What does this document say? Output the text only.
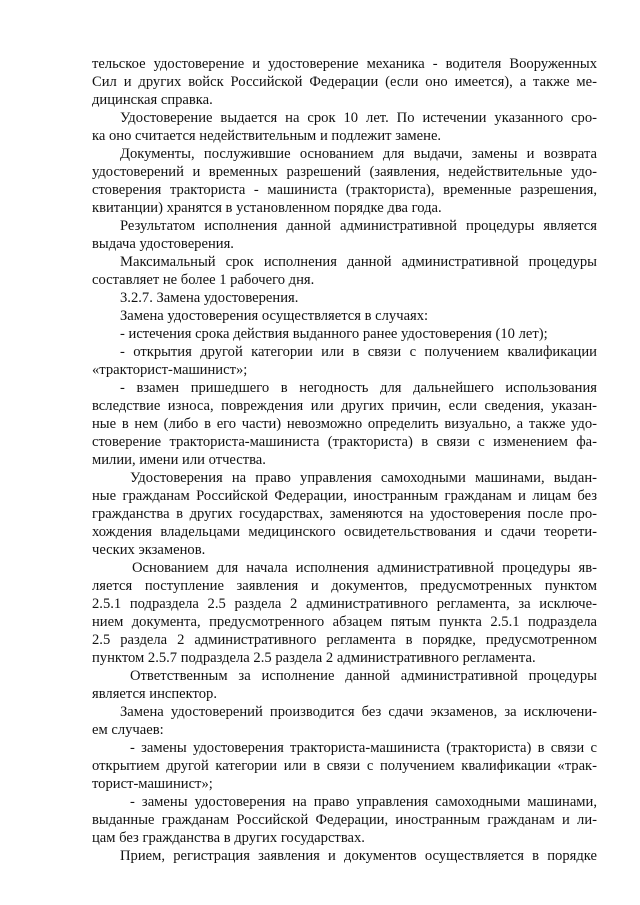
тельское удостоверение и удостоверение механика - водителя Вооруженных
Сил и других войск Российской Федерации (если оно имеется), а также ме-
дицинская справка.
Удостоверение выдается на срок 10 лет. По истечении указанного сро-
ка оно считается недействительным и подлежит замене.
Документы, послужившие основанием для выдачи, замены и возврата
удостоверений и временных разрешений (заявления, недействительные удо-
стоверения тракториста - машиниста (тракториста), временные разрешения,
квитанции) хранятся в установленном порядке два года.
Результатом исполнения данной административной процедуры является
выдача удостоверения.
Максимальный срок исполнения данной административной процедуры
составляет не более 1 рабочего дня.
3.2.7. Замена удостоверения.
Замена удостоверения осуществляется в случаях:
- истечения срока действия выданного ранее удостоверения (10 лет);
- открытия другой категории или в связи с получением квалификации
«тракторист-машинист»;
- взамен пришедшего в негодность для дальнейшего использования
вследствие износа, повреждения или других причин, если сведения, указан-
ные в нем (либо в его части) невозможно определить визуально, а также удо-
стоверение тракториста-машиниста (тракториста) в связи с изменением фа-
милии, имени или отчества.
Удостоверения на право управления самоходными машинами, выдан-
ные гражданам Российской Федерации, иностранным гражданам и лицам без
гражданства в других государствах, заменяются на удостоверения после про-
хождения владельцами медицинского освидетельствования и сдачи теорети-
ческих экзаменов.
Основанием для начала исполнения административной процедуры яв-
ляется поступление заявления и документов, предусмотренных пунктом
2.5.1 подраздела 2.5 раздела 2 административного регламента, за исключе-
нием документа, предусмотренного абзацем пятым пункта 2.5.1 подраздела
2.5 раздела 2 административного регламента в порядке, предусмотренном
пунктом 2.5.7 подраздела 2.5 раздела 2 административного регламента.
Ответственным за исполнение данной административной процедуры
является инспектор.
Замена удостоверений производится без сдачи экзаменов, за исключени-
ем случаев:
- замены удостоверения тракториста-машиниста (тракториста) в связи с
открытием другой категории или в связи с получением квалификации «трак-
торист-машинист»;
- замены удостоверения на право управления самоходными машинами,
выданные гражданам Российской Федерации, иностранным гражданам и ли-
цам без гражданства в других государствах.
Прием, регистрация заявления и документов осуществляется в порядке
